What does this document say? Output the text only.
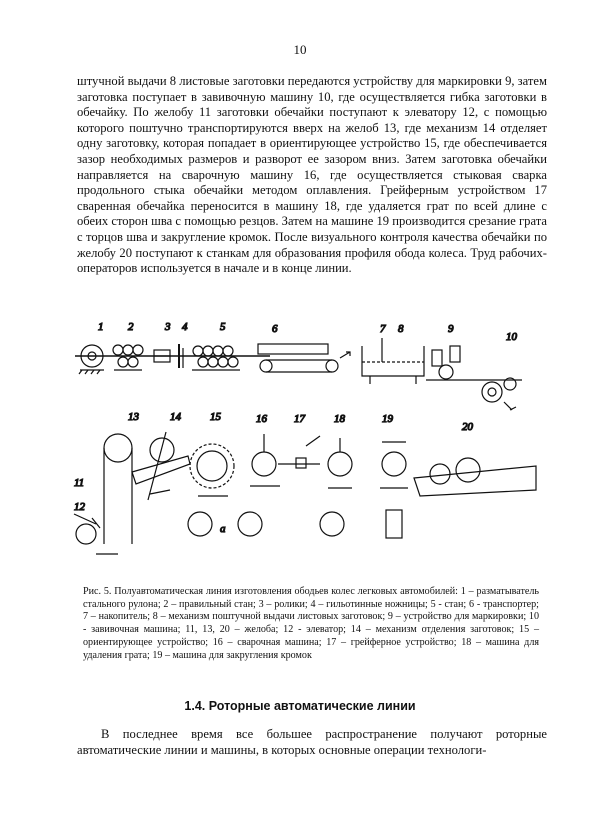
10

штучной выдачи 8 листовые заготовки передаются устройству для маркировки 9, затем заготовка поступает в завивочную машину 10, где осуществляется гибка заготовки в обечайку. По желобу 11 заготовки обечайки поступают к элеватору 12, с помощью которого поштучно транспортируются вверх на желоб 13, где механизм 14 отделяет одну заготовку, которая попадает в ориентирующее устройство 15, где обеспечивается зазор необходимых размеров и разворот ее зазором вниз. Затем заготовка обечайки направляется на сварочную машину 16, где осуществляется стыковая сварка продольного стыка обечайки методом оплавления. Грейферным устройством 17 сваренная обечайка переносится в машину 18, где удаляется грат по всей длине с обеих сторон шва с помощью резцов. Затем на машине 19 производится срезание грата с торцов шва и закругление кромок. После визуального контроля качества обечайки по желобу 20 поступают к станкам для образования профиля обода колеса. Труд рабочих-операторов используется в начале и в конце линии.

1 2	3 4	5	6	7 8	9
10
13	14	15	16 17	18	19
20
11
12
а

Рис. 5. Полуавтоматическая линия изготовления ободьев колес легковых автомобилей: 1 – разматыватель стального рулона; 2 – правильный стан; 3 – ролики; 4 – гильотинные ножницы; 5 - стан; 6 - транспортер; 7 – накопитель; 8 – механизм поштучной выдачи листовых заготовок; 9 – устройство для маркировки; 10 - завивочная машина; 11, 13, 20 – желоба; 12 - элеватор; 14 – механизм отделения заготовок; 15 – ориентирующее устройство; 16 – сварочная машина; 17 – грейферное устройство; 18 – машина для удаления грата; 19 – машина для закругления кромок

1.4. Роторные автоматические линии

В последнее время все большее распространение получают роторные автоматические линии и машины, в которых основные операции технологи-
